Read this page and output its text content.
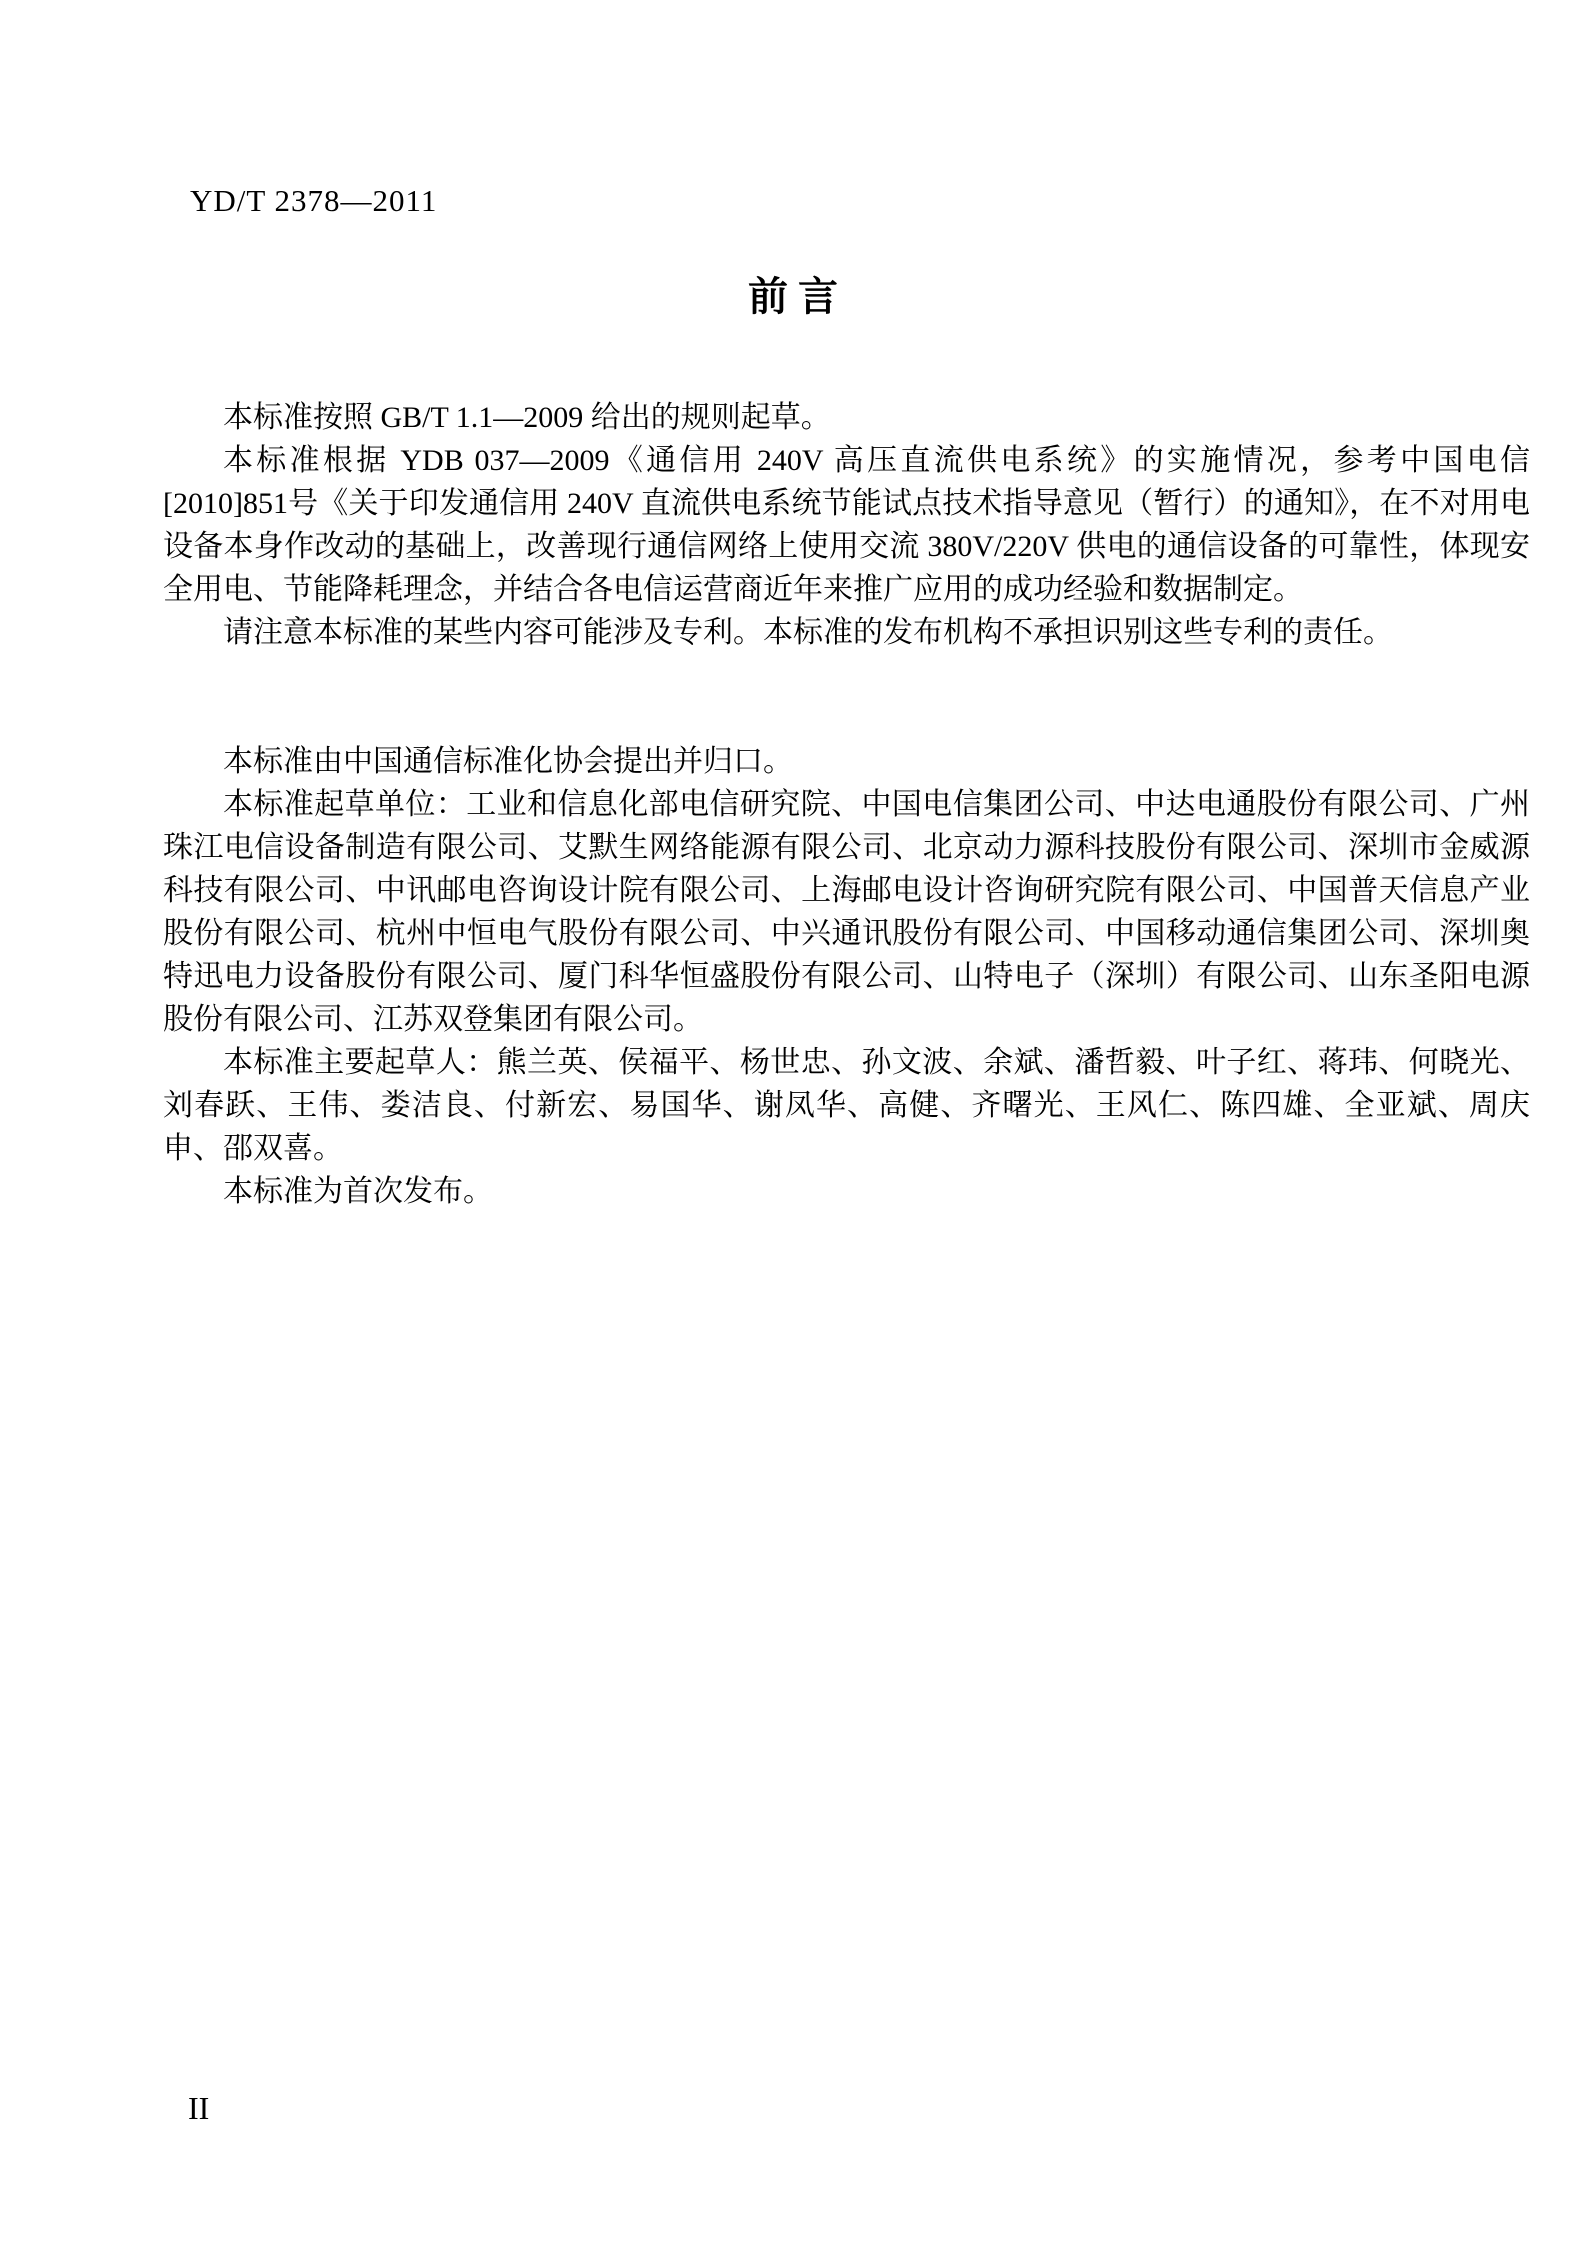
YD/T 2378—2011
前言

本标准按照 GB/T 1.1—2009 给出的规则起草。

本标准根据 YDB 037—2009《通信用 240V 高压直流供电系统》的实施情况，参考中国电信[2010]851号《关于印发通信用 240V 直流供电系统节能试点技术指导意见（暂行）的通知》，在不对用电设备本身作改动的基础上，改善现行通信网络上使用交流 380V/220V 供电的通信设备的可靠性，体现安全用电、节能降耗理念，并结合各电信运营商近年来推广应用的成功经验和数据制定。

请注意本标准的某些内容可能涉及专利。本标准的发布机构不承担识别这些专利的责任。

本标准由中国通信标准化协会提出并归口。

本标准起草单位：工业和信息化部电信研究院、中国电信集团公司、中达电通股份有限公司、广州珠江电信设备制造有限公司、艾默生网络能源有限公司、北京动力源科技股份有限公司、深圳市金威源科技有限公司、中讯邮电咨询设计院有限公司、上海邮电设计咨询研究院有限公司、中国普天信息产业股份有限公司、杭州中恒电气股份有限公司、中兴通讯股份有限公司、中国移动通信集团公司、深圳奥特迅电力设备股份有限公司、厦门科华恒盛股份有限公司、山特电子（深圳）有限公司、山东圣阳电源股份有限公司、江苏双登集团有限公司。

本标准主要起草人：熊兰英、侯福平、杨世忠、孙文波、余斌、潘哲毅、叶子红、蒋玮、何晓光、刘春跃、王伟、娄洁良、付新宏、易国华、谢凤华、高健、齐曙光、王风仁、陈四雄、全亚斌、周庆申、邵双喜。

本标准为首次发布。

II
